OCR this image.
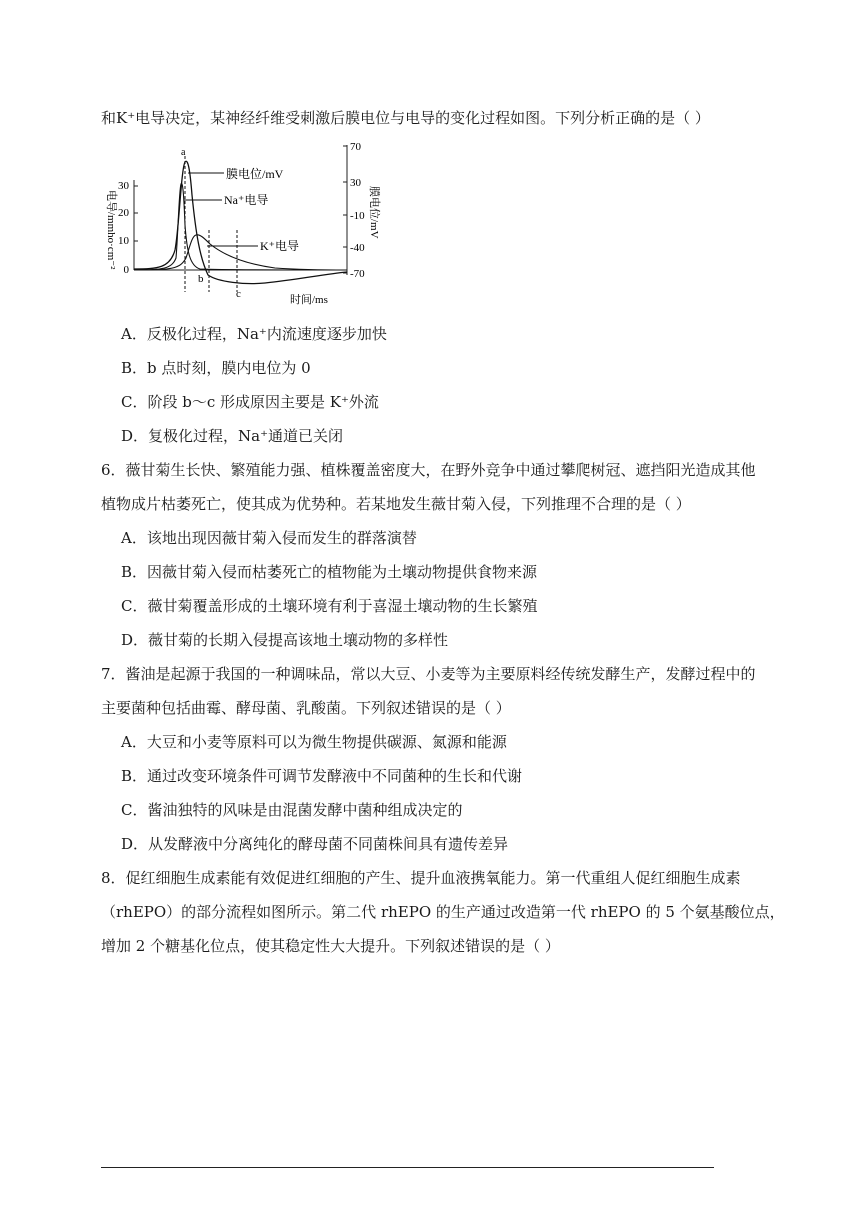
和K⁺电导决定，某神经纤维受刺激后膜电位与电导的变化过程如图。下列分析正确的是（ ）
30
20
10
0
电导/mmho·cm⁻²
70
30
-10
-40
-70
膜电位/mV
时间/ms
a
b
c
膜电位/mV
Na⁺电导
K⁺电导
A．反极化过程，Na⁺内流速度逐步加快
B．b 点时刻，膜内电位为 0
C．阶段 b～c 形成原因主要是 K⁺外流
D．复极化过程，Na⁺通道已关闭
6．薇甘菊生长快、繁殖能力强、植株覆盖密度大，在野外竞争中通过攀爬树冠、遮挡阳光造成其他
植物成片枯萎死亡，使其成为优势种。若某地发生薇甘菊入侵，下列推理不合理的是（ ）
A．该地出现因薇甘菊入侵而发生的群落演替
B．因薇甘菊入侵而枯萎死亡的植物能为土壤动物提供食物来源
C．薇甘菊覆盖形成的土壤环境有利于喜湿土壤动物的生长繁殖
D．薇甘菊的长期入侵提高该地土壤动物的多样性
7．酱油是起源于我国的一种调味品，常以大豆、小麦等为主要原料经传统发酵生产，发酵过程中的
主要菌种包括曲霉、酵母菌、乳酸菌。下列叙述错误的是（ ）
A．大豆和小麦等原料可以为微生物提供碳源、氮源和能源
B．通过改变环境条件可调节发酵液中不同菌种的生长和代谢
C．酱油独特的风味是由混菌发酵中菌种组成决定的
D．从发酵液中分离纯化的酵母菌不同菌株间具有遗传差异
8．促红细胞生成素能有效促进红细胞的产生、提升血液携氧能力。第一代重组人促红细胞生成素
（rhEPO）的部分流程如图所示。第二代 rhEPO 的生产通过改造第一代 rhEPO 的 5 个氨基酸位点，
增加 2 个糖基化位点，使其稳定性大大提升。下列叙述错误的是（ ）
